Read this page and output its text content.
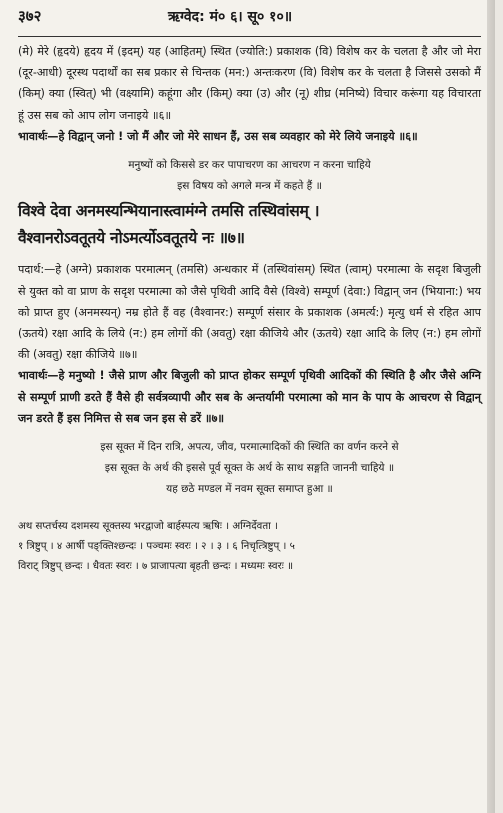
३७२	ऋग्वेद: मं० ६। सू० १०॥

(मे) मेरे (हृदये) हृदय में (इदम्) यह (आहितम्) स्थित (ज्योति:) प्रकाशक (वि) विशेष कर के चलता है और जो मेरा (दूर-आधी) दूरस्थ पदार्थों का सब प्रकार से चिन्तक (मन:) अन्तःकरण (वि) विशेष कर के चलता है जिससे उसको मैं (किम्) क्या (स्वित्) भी (वक्ष्यामि) कहूंगा और (किम्) क्या (उ) और (नू) शीघ्र (मनिष्ये) विचार करूंगा यह विचारता हूं उस सब को आप लोग जनाइये ॥६॥

भावार्थः—हे विद्वान् जनो ! जो मैं और जो मेरे साधन हैं, उस सब व्यवहार को मेरे लिये जनाइये ॥६॥

मनुष्यों को किससे डर कर पापाचरण का आचरण न करना चाहिये
इस विषय को अगले मन्त्र में कहते हैं ॥
विश्वे देवा अनमस्यन्भियानास्त्वामंग्ने तमसि तस्थिवांसम् ।
वैश्वानरोऽवतूतये नोऽमर्त्योऽवतूतये नः ॥७॥

पदार्थ:—हे (अग्ने) प्रकाशक परमात्मन् (तमसि) अन्धकार में (तस्थिवांसम्) स्थित (त्वाम्) परमात्मा के सदृश बिजुली से युक्त को वा प्राण के सदृश परमात्मा को जैसे पृथिवी आदि वैसे (विश्वे) सम्पूर्ण (देवा:) विद्वान् जन (भियाना:) भय को प्राप्त हुए (अनमस्यन्) नम्र होते हैं वह (वैश्वानर:) सम्पूर्ण संसार के प्रकाशक (अमर्त्य:) मृत्यु धर्म से रहित आप (ऊतये) रक्षा आदि के लिये (न:) हम लोगों की (अवतु) रक्षा कीजिये और (ऊतये) रक्षा आदि के लिए (न:) हम लोगों की (अवतु) रक्षा कीजिये ॥७॥

भावार्थः—हे मनुष्यो ! जैसे प्राण और बिजुली को प्राप्त होकर सम्पूर्ण पृथिवी आदिकों की स्थिति है और जैसे अग्नि से सम्पूर्ण प्राणी डरते हैं वैसे ही सर्वत्रव्यापी और सब के अन्तर्यामी परमात्मा को मान के पाप के आचरण से विद्वान् जन डरते हैं इस निमित्त से सब जन इस से डरें ॥७॥

इस सूक्त में दिन रात्रि, अपत्य, जीव, परमात्मादिकों की स्थिति का वर्णन करने से
इस सूक्त के अर्थ की इससे पूर्व सूक्त के अर्थ के साथ सङ्गति जाननी चाहिये ॥
यह छठे मण्डल में नवम सूक्त समाप्त हुआ ॥
अथ सप्तर्चस्य दशमस्य सूक्तस्य भरद्वाजो बार्हस्पत्य ऋषिः । अग्निर्देवता ।
१ त्रिष्टुप् । ४ आर्षी पङ्क्तिश्छन्दः । पञ्चमः स्वरः । २ । ३ । ६ निचृत्त्रिष्टुप् । ५
विराट् त्रिष्टुप् छन्दः । धैवतः स्वरः । ७ प्राजापत्या बृहती छन्दः । मध्यमः स्वरः ॥
